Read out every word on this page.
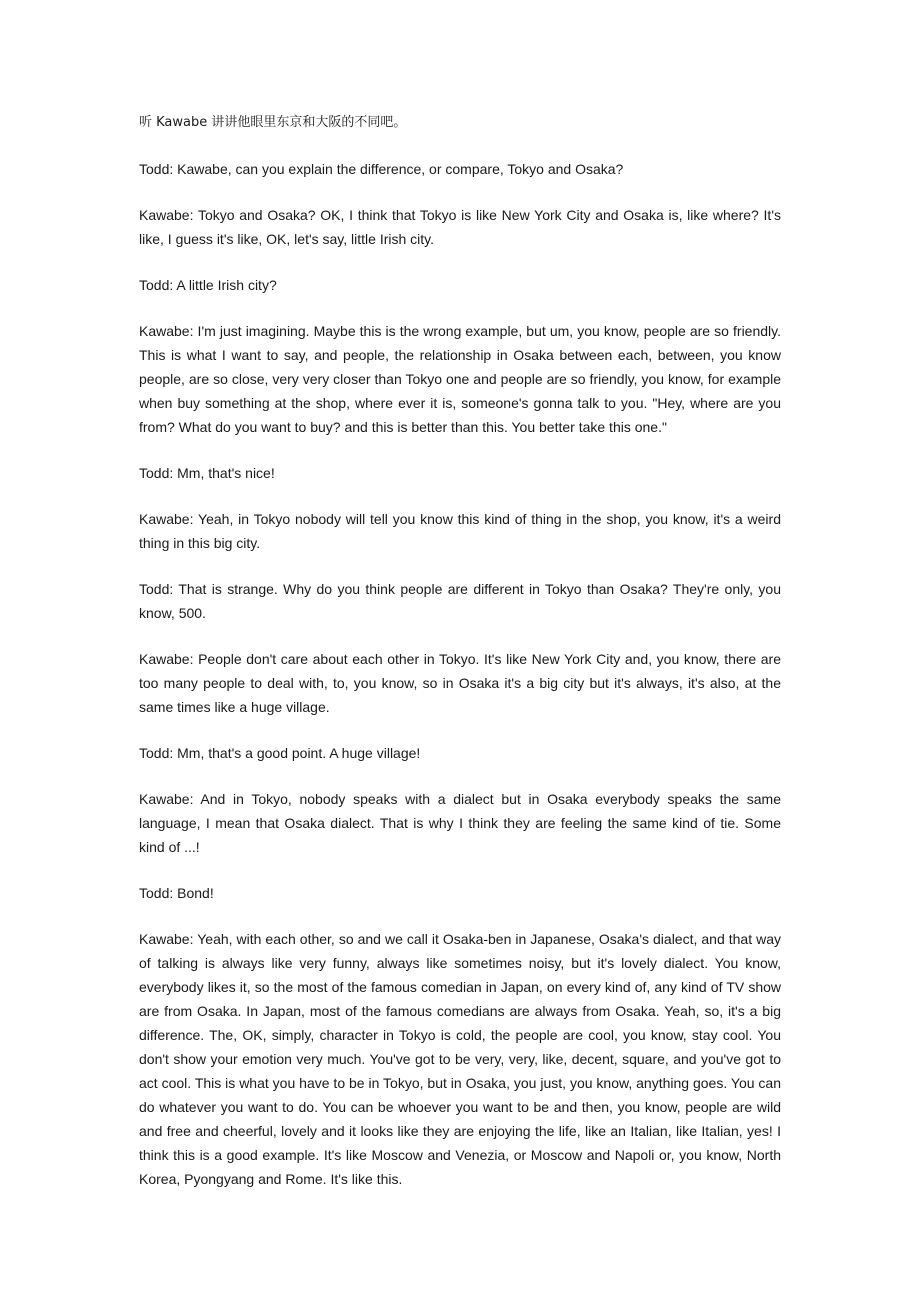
听 Kawabe 讲讲他眼里东京和大阪的不同吧。

Todd: Kawabe, can you explain the difference, or compare, Tokyo and Osaka?

Kawabe: Tokyo and Osaka? OK, I think that Tokyo is like New York City and Osaka is, like where? It's like, I guess it's like, OK, let's say, little Irish city.

Todd: A little Irish city?

Kawabe: I'm just imagining. Maybe this is the wrong example, but um, you know, people are so friendly. This is what I want to say, and people, the relationship in Osaka between each, between, you know people, are so close, very very closer than Tokyo one and people are so friendly, you know, for example when buy something at the shop, where ever it is, someone's gonna talk to you. "Hey, where are you from? What do you want to buy? and this is better than this. You better take this one."

Todd: Mm, that's nice!

Kawabe: Yeah, in Tokyo nobody will tell you know this kind of thing in the shop, you know, it's a weird thing in this big city.

Todd: That is strange. Why do you think people are different in Tokyo than Osaka? They're only, you know, 500.

Kawabe: People don't care about each other in Tokyo. It's like New York City and, you know, there are too many people to deal with, to, you know, so in Osaka it's a big city but it's always, it's also, at the same times like a huge village.

Todd: Mm, that's a good point. A huge village!

Kawabe: And in Tokyo, nobody speaks with a dialect but in Osaka everybody speaks the same language, I mean that Osaka dialect. That is why I think they are feeling the same kind of tie. Some kind of ...!

Todd: Bond!

Kawabe: Yeah, with each other, so and we call it Osaka-ben in Japanese, Osaka's dialect, and that way of talking is always like very funny, always like sometimes noisy, but it's lovely dialect. You know, everybody likes it, so the most of the famous comedian in Japan, on every kind of, any kind of TV show are from Osaka. In Japan, most of the famous comedians are always from Osaka. Yeah, so, it's a big difference. The, OK, simply, character in Tokyo is cold, the people are cool, you know, stay cool. You don't show your emotion very much. You've got to be very, very, like, decent, square, and you've got to act cool. This is what you have to be in Tokyo, but in Osaka, you just, you know, anything goes. You can do whatever you want to do. You can be whoever you want to be and then, you know, people are wild and free and cheerful, lovely and it looks like they are enjoying the life, like an Italian, like Italian, yes! I think this is a good example. It's like Moscow and Venezia, or Moscow and Napoli or, you know, North Korea, Pyongyang and Rome. It's like this.
